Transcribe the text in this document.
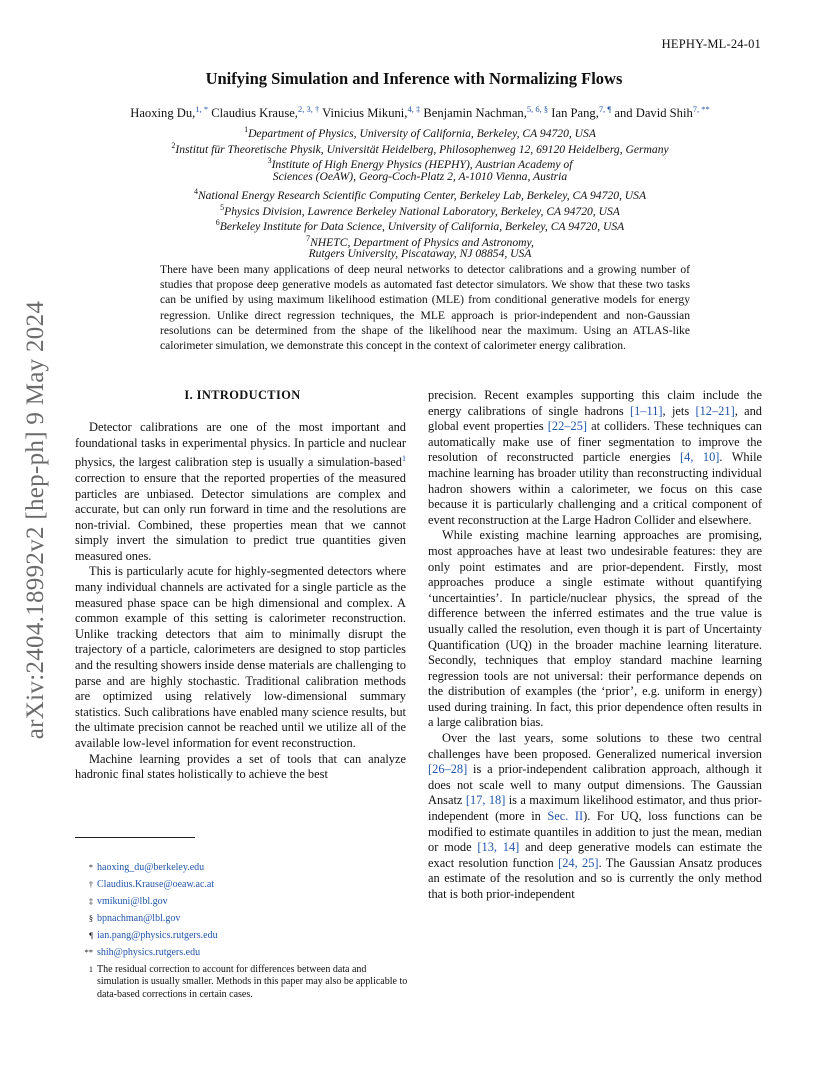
HEPHY-ML-24-01
arXiv:2404.18992v2 [hep-ph] 9 May 2024
Unifying Simulation and Inference with Normalizing Flows
Haoxing Du,$^{1, *}$ Claudius Krause,$^{2, 3, \dagger}$ Vinicius Mikuni,$^{4, \ddagger}$ Benjamin Nachman,$^{5, 6, \S}$ Ian Pang,$^{7, \P}$ and David Shih$^{7, **}$
$^1$Department of Physics, University of California, Berkeley, CA 94720, USA
$^2$Institut für Theoretische Physik, Universität Heidelberg, Philosophenweg 12, 69120 Heidelberg, Germany
$^3$Institute of High Energy Physics (HEPHY), Austrian Academy of
Sciences (OeAW), Georg-Coch-Platz 2, A-1010 Vienna, Austria
$^4$National Energy Research Scientific Computing Center, Berkeley Lab, Berkeley, CA 94720, USA
$^5$Physics Division, Lawrence Berkeley National Laboratory, Berkeley, CA 94720, USA
$^6$Berkeley Institute for Data Science, University of California, Berkeley, CA 94720, USA
$^7$NHETC, Department of Physics and Astronomy,
Rutgers University, Piscataway, NJ 08854, USA
There have been many applications of deep neural networks to detector calibrations and a growing number of studies that propose deep generative models as automated fast detector simulators. We show that these two tasks can be unified by using maximum likelihood estimation (MLE) from conditional generative models for energy regression. Unlike direct regression techniques, the MLE approach is prior-independent and non-Gaussian resolutions can be determined from the shape of the likelihood near the maximum. Using an ATLAS-like calorimeter simulation, we demonstrate this concept in the context of calorimeter energy calibration.
I. INTRODUCTION

Detector calibrations are one of the most important and foundational tasks in experimental physics. In particle and nuclear physics, the largest calibration step is usually a simulation-based$^1$ correction to ensure that the reported properties of the measured particles are unbiased. Detector simulations are complex and accurate, but can only run forward in time and the resolutions are non-trivial. Combined, these properties mean that we cannot simply invert the simulation to predict true quantities given measured ones.

This is particularly acute for highly-segmented detectors where many individual channels are activated for a single particle as the measured phase space can be high dimensional and complex. A common example of this setting is calorimeter reconstruction. Unlike tracking detectors that aim to minimally disrupt the trajectory of a particle, calorimeters are designed to stop particles and the resulting showers inside dense materials are challenging to parse and are highly stochastic. Traditional calibration methods are optimized using relatively low-dimensional summary statistics. Such calibrations have enabled many science results, but the ultimate precision cannot be reached until we utilize all of the available low-level information for event reconstruction.

Machine learning provides a set of tools that can analyze hadronic final states holistically to achieve the best

precision. Recent examples supporting this claim include the energy calibrations of single hadrons [1–11], jets [12–21], and global event properties [22–25] at colliders. These techniques can automatically make use of finer segmentation to improve the resolution of reconstructed particle energies [4, 10]. While machine learning has broader utility than reconstructing individual hadron showers within a calorimeter, we focus on this case because it is particularly challenging and a critical component of event reconstruction at the Large Hadron Collider and elsewhere.

While existing machine learning approaches are promising, most approaches have at least two undesirable features: they are only point estimates and are prior-dependent. Firstly, most approaches produce a single estimate without quantifying ‘uncertainties’. In particle/nuclear physics, the spread of the difference between the inferred estimates and the true value is usually called the resolution, even though it is part of Uncertainty Quantification (UQ) in the broader machine learning literature. Secondly, techniques that employ standard machine learning regression tools are not universal: their performance depends on the distribution of examples (the ‘prior’, e.g. uniform in energy) used during training. In fact, this prior dependence often results in a large calibration bias.

Over the last years, some solutions to these two central challenges have been proposed. Generalized numerical inversion [26–28] is a prior-independent calibration approach, although it does not scale well to many output dimensions. The Gaussian Ansatz [17, 18] is a maximum likelihood estimator, and thus prior-independent (more in Sec. II). For UQ, loss functions can be modified to estimate quantiles in addition to just the mean, median or mode [13, 14] and deep generative models can estimate the exact resolution function [24, 25]. The Gaussian Ansatz produces an estimate of the resolution and so is currently the only method that is both prior-independent

* haoxing_du@berkeley.edu
† Claudius.Krause@oeaw.ac.at
‡ vmikuni@lbl.gov
§ bpnachman@lbl.gov
¶ ian.pang@physics.rutgers.edu
** shih@physics.rutgers.edu
$^1$ The residual correction to account for differences between data and simulation is usually smaller. Methods in this paper may also be applicable to data-based corrections in certain cases.
